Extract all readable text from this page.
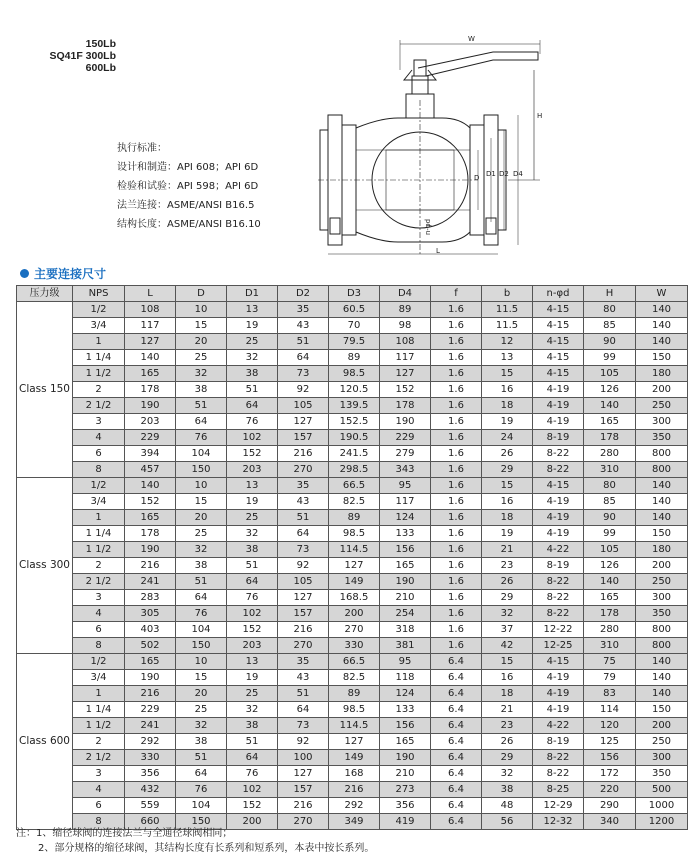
150Lb
SQ41F 300Lb
600Lb
W
H
D D1 D2 D4
L
n-φd
执行标准：
设计和制造：API 608；API 6D
检验和试验：API 598；API 6D
法兰连接：ASME/ANSI B16.5
结构长度：ASME/ANSI B16.10
主要连接尺寸
压力级	NPS	L	D	D1	D2	D3	D4	f	b	n-φd	H	W
Class 150	1/2	108	10	13	35	60.5	89	1.6	11.5	4-15	80	140
	3/4	117	15	19	43	70	98	1.6	11.5	4-15	85	140
	1	127	20	25	51	79.5	108	1.6	12	4-15	90	140
	1 1/4	140	25	32	64	89	117	1.6	13	4-15	99	150
	1 1/2	165	32	38	73	98.5	127	1.6	15	4-15	105	180
	2	178	38	51	92	120.5	152	1.6	16	4-19	126	200
	2 1/2	190	51	64	105	139.5	178	1.6	18	4-19	140	250
	3	203	64	76	127	152.5	190	1.6	19	4-19	165	300
	4	229	76	102	157	190.5	229	1.6	24	8-19	178	350
	6	394	104	152	216	241.5	279	1.6	26	8-22	280	800
	8	457	150	203	270	298.5	343	1.6	29	8-22	310	800
Class 300	1/2	140	10	13	35	66.5	95	1.6	15	4-15	80	140
	3/4	152	15	19	43	82.5	117	1.6	16	4-19	85	140
	1	165	20	25	51	89	124	1.6	18	4-19	90	140
	1 1/4	178	25	32	64	98.5	133	1.6	19	4-19	99	150
	1 1/2	190	32	38	73	114.5	156	1.6	21	4-22	105	180
	2	216	38	51	92	127	165	1.6	23	8-19	126	200
	2 1/2	241	51	64	105	149	190	1.6	26	8-22	140	250
	3	283	64	76	127	168.5	210	1.6	29	8-22	165	300
	4	305	76	102	157	200	254	1.6	32	8-22	178	350
	6	403	104	152	216	270	318	1.6	37	12-22	280	800
	8	502	150	203	270	330	381	1.6	42	12-25	310	800
Class 600	1/2	165	10	13	35	66.5	95	6.4	15	4-15	75	140
	3/4	190	15	19	43	82.5	118	6.4	16	4-19	79	140
	1	216	20	25	51	89	124	6.4	18	4-19	83	140
	1 1/4	229	25	32	64	98.5	133	6.4	21	4-19	114	150
	1 1/2	241	32	38	73	114.5	156	6.4	23	4-22	120	200
	2	292	38	51	92	127	165	6.4	26	8-19	125	250
	2 1/2	330	51	64	100	149	190	6.4	29	8-22	156	300
	3	356	64	76	127	168	210	6.4	32	8-22	172	350
	4	432	76	102	157	216	273	6.4	38	8-25	220	500
	6	559	104	152	216	292	356	6.4	48	12-29	290	1000
	8	660	150	200	270	349	419	6.4	56	12-32	340	1200
注：1、缩径球阀的连接法兰与全通径球阀相同；
2、部分规格的缩径球阀，其结构长度有长系列和短系列，本表中按长系列。
